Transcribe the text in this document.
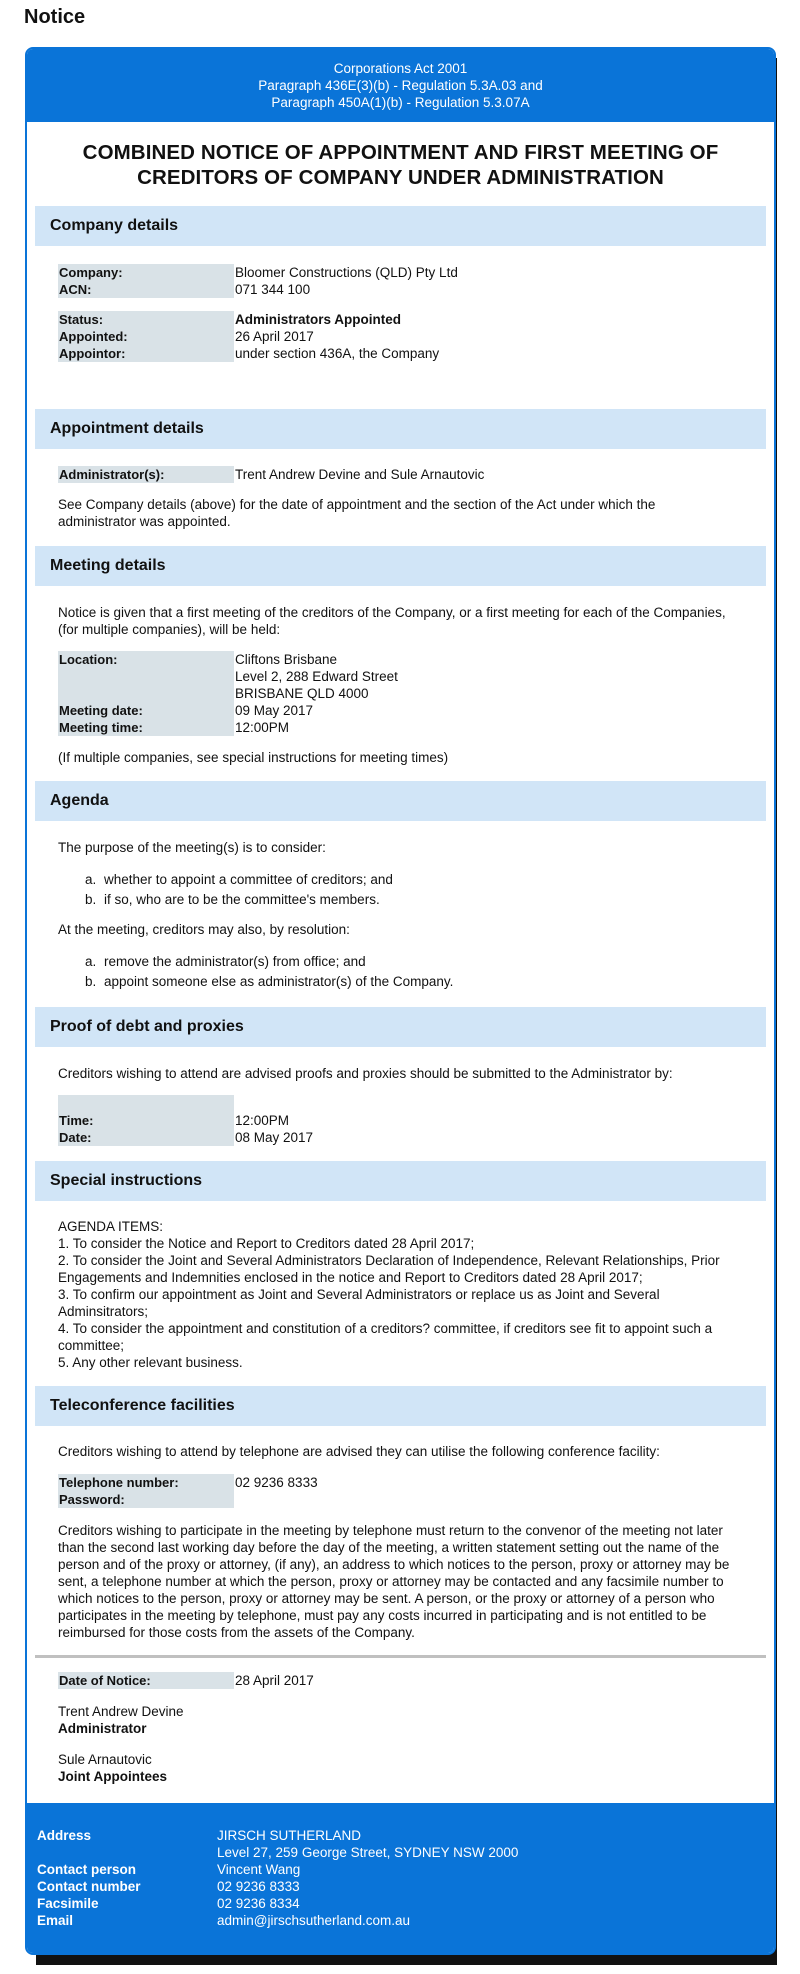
Notice
Corporations Act 2001
Paragraph 436E(3)(b) - Regulation 5.3A.03 and
Paragraph 450A(1)(b) - Regulation 5.3.07A
COMBINED NOTICE OF APPOINTMENT AND FIRST MEETING OF CREDITORS OF COMPANY UNDER ADMINISTRATION
Company details
Company:	Bloomer Constructions (QLD) Pty Ltd
ACN:	071 344 100
Status:	Administrators Appointed
Appointed:	26 April 2017
Appointor:	under section 436A, the Company
Appointment details
Administrator(s):	Trent Andrew Devine and Sule Arnautovic
See Company details (above) for the date of appointment and the section of the Act under which the administrator was appointed.
Meeting details
Notice is given that a first meeting of the creditors of the Company, or a first meeting for each of the Companies, (for multiple companies), will be held:
Location:	Cliftons Brisbane
Level 2, 288 Edward Street
BRISBANE QLD 4000
Meeting date:	09 May 2017
Meeting time:	12:00PM
(If multiple companies, see special instructions for meeting times)
Agenda
The purpose of the meeting(s) is to consider:
a. whether to appoint a committee of creditors; and
b. if so, who are to be the committee's members.
At the meeting, creditors may also, by resolution:
a. remove the administrator(s) from office; and
b. appoint someone else as administrator(s) of the Company.
Proof of debt and proxies
Creditors wishing to attend are advised proofs and proxies should be submitted to the Administrator by:

Time:	12:00PM
Date:	08 May 2017
Special instructions
AGENDA ITEMS:
1. To consider the Notice and Report to Creditors dated 28 April 2017;
2. To consider the Joint and Several Administrators Declaration of Independence, Relevant Relationships, Prior Engagements and Indemnities enclosed in the notice and Report to Creditors dated 28 April 2017;
3. To confirm our appointment as Joint and Several Administrators or replace us as Joint and Several Adminsitrators;
4. To consider the appointment and constitution of a creditors? committee, if creditors see fit to appoint such a committee;
5. Any other relevant business.
Teleconference facilities
Creditors wishing to attend by telephone are advised they can utilise the following conference facility:
Telephone number:	02 9236 8333
Password:
Creditors wishing to participate in the meeting by telephone must return to the convenor of the meeting not later than the second last working day before the day of the meeting, a written statement setting out the name of the person and of the proxy or attorney, (if any), an address to which notices to the person, proxy or attorney may be sent, a telephone number at which the person, proxy or attorney may be contacted and any facsimile number to which notices to the person, proxy or attorney may be sent. A person, or the proxy or attorney of a person who participates in the meeting by telephone, must pay any costs incurred in participating and is not entitled to be reimbursed for those costs from the assets of the Company.
Date of Notice:	28 April 2017
Trent Andrew Devine
Administrator
Sule Arnautovic
Joint Appointees
Address	JIRSCH SUTHERLAND
Level 27, 259 George Street, SYDNEY NSW 2000
Contact person	Vincent Wang
Contact number	02 9236 8333
Facsimile	02 9236 8334
Email	admin@jirschsutherland.com.au
